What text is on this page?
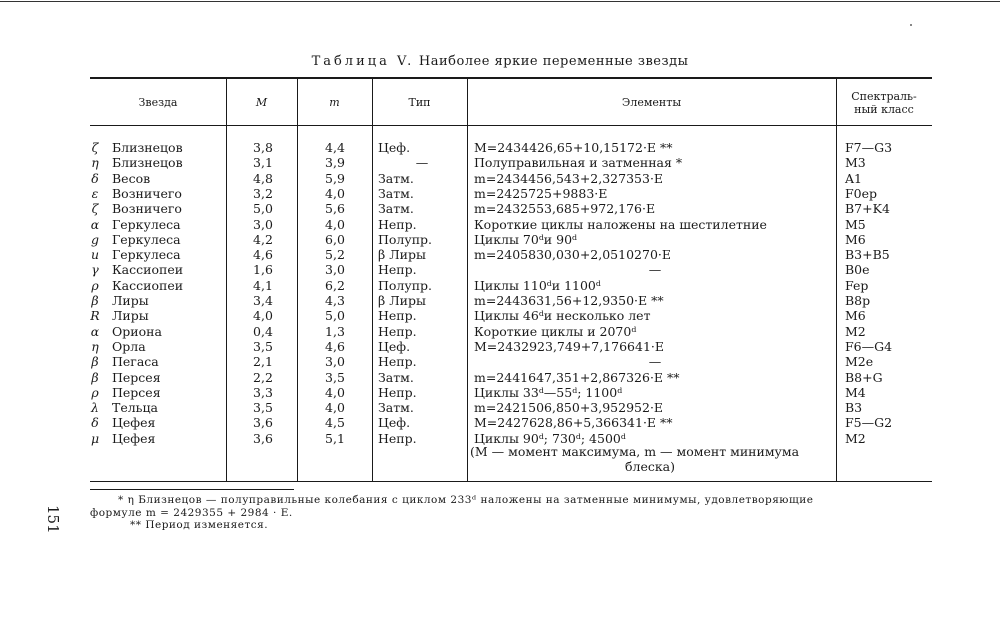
Таблица V. Наиболее яркие переменные звезды
Звезда	M	m	Тип	Элементы	Спектраль-
ный класс
ζ Близнецов	3,8	4,4	Цеф.	M=2434426,65+10,15172·E **	F7—G3
η Близнецов	3,1	3,9	—	Полуправильная и затменная *	M3
δ Весов	4,8	5,9	Затм.	m=2434456,543+2,327353·E	A1
ε Возничего	3,2	4,0	Затм.	m=2425725+9883·E	F0ep
ζ Возничего	5,0	5,6	Затм.	m=2432553,685+972,176·E	B7+K4
α Геркулеса	3,0	4,0	Непр.	Короткие циклы наложены на шестилетние	M5
g Геркулеса	4,2	6,0	Полупр.	Циклы 70ᵈи 90ᵈ	M6
u Геркулеса	4,6	5,2	β Лиры	m=2405830,030+2,0510270·E	B3+B5
γ Кассиопеи	1,6	3,0	Непр.	—	B0e
ρ Кассиопеи	4,1	6,2	Полупр.	Циклы 110ᵈи 1100ᵈ	Fep
β Лиры	3,4	4,3	β Лиры	m=2443631,56+12,9350·E **	B8p
R Лиры	4,0	5,0	Непр.	Циклы 46ᵈи несколько лет	M6
α Ориона	0,4	1,3	Непр.	Короткие циклы и 2070ᵈ	M2
η Орла	3,5	4,6	Цеф.	M=2432923,749+7,176641·E	F6—G4
β Пегаса	2,1	3,0	Непр.	—	M2e
β Персея	2,2	3,5	Затм.	m=2441647,351+2,867326·E **	B8+G
ρ Персея	3,3	4,0	Непр.	Циклы 33ᵈ—55ᵈ; 1100ᵈ	M4
λ Тельца	3,5	4,0	Затм.	m=2421506,850+3,952952·E	B3
δ Цефея	3,6	4,5	Цеф.	M=2427628,86+5,366341·E **	F5—G2
μ Цефея	3,6	5,1	Непр.	Циклы 90ᵈ; 730ᵈ; 4500ᵈ	M2

(M — момент максимума, m — момент минимума

блеска)

* η Близнецов — полуправильные колебания с циклом 233ᵈ наложены на затменные минимумы, удовлетворяющие
формуле m = 2429355 + 2984 · E.
** Период изменяется.
151
